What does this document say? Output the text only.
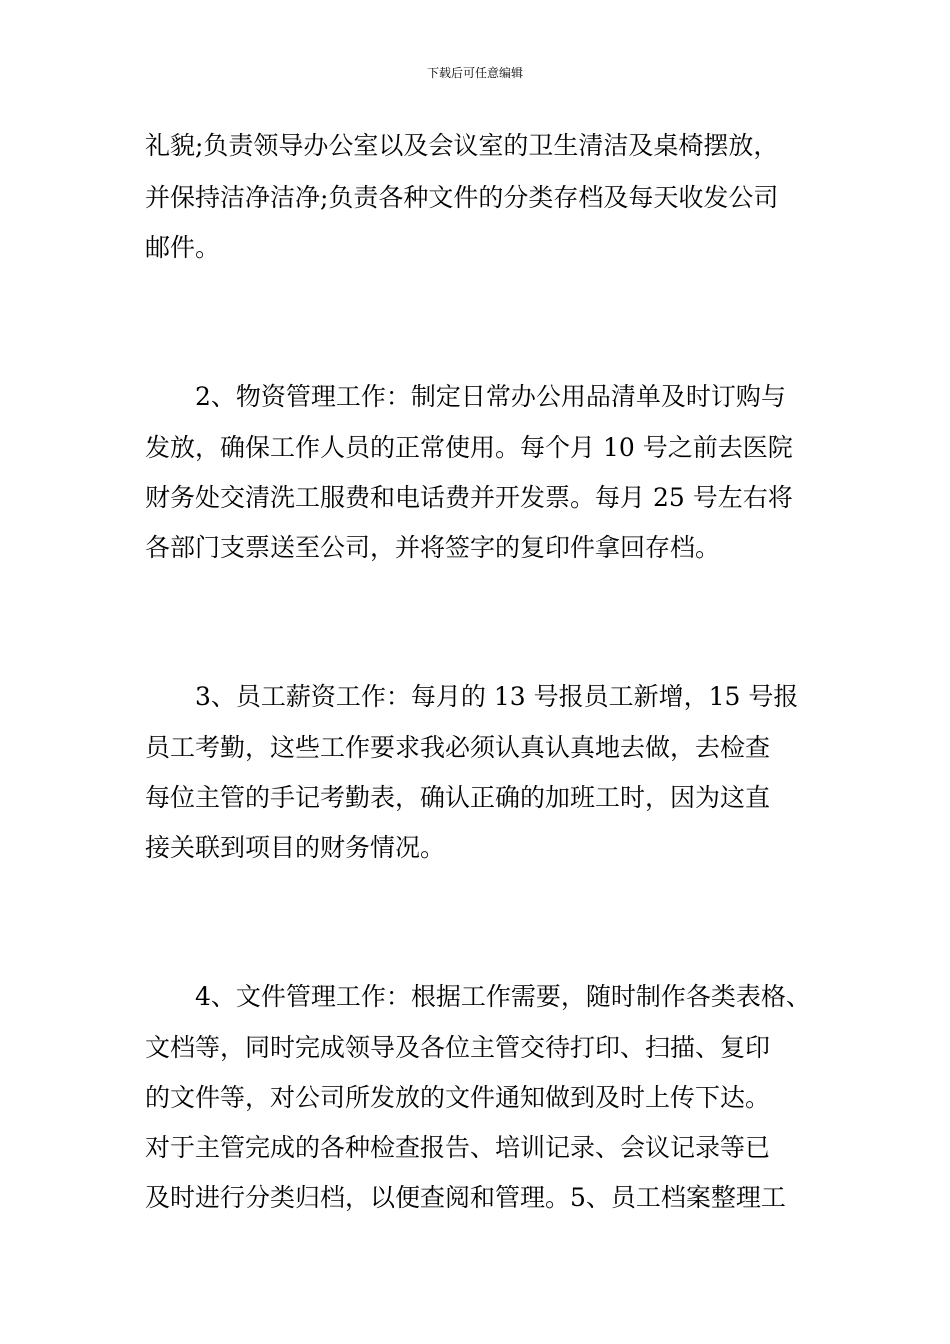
下载后可任意编辑
礼貌;负责领导办公室以及会议室的卫生清洁及桌椅摆放，
并保持洁净洁净;负责各种文件的分类存档及每天收发公司
邮件。
2、物资管理工作：制定日常办公用品清单及时订购与
发放，确保工作人员的正常使用。每个月 10 号之前去医院
财务处交清洗工服费和电话费并开发票。每月 25 号左右将
各部门支票送至公司，并将签字的复印件拿回存档。
3、员工薪资工作：每月的 13 号报员工新增，15 号报
员工考勤，这些工作要求我必须认真认真地去做，去检查
每位主管的手记考勤表，确认正确的加班工时，因为这直
接关联到项目的财务情况。
4、文件管理工作：根据工作需要，随时制作各类表格、
文档等，同时完成领导及各位主管交待打印、扫描、复印
的文件等，对公司所发放的文件通知做到及时上传下达。
对于主管完成的各种检查报告、培训记录、会议记录等已
及时进行分类归档，以便查阅和管理。5、员工档案整理工
